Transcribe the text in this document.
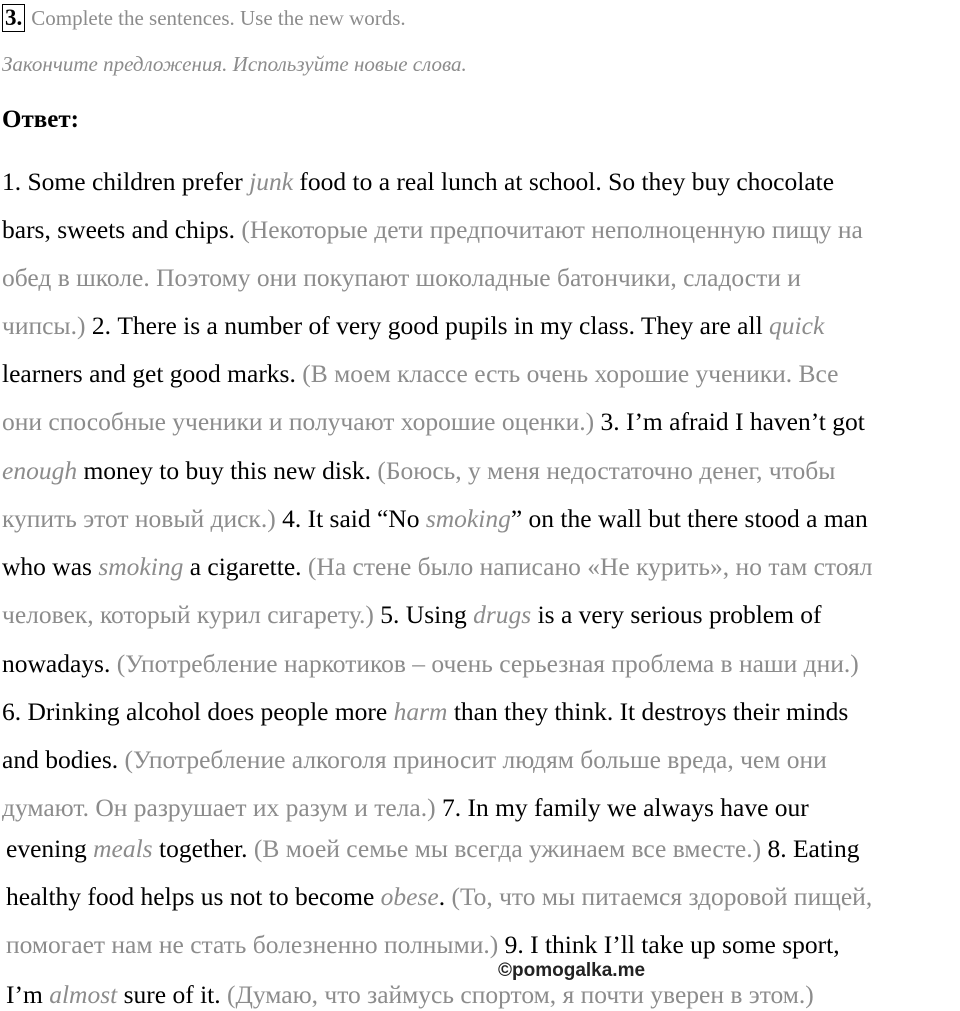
3. Complete the sentences. Use the new words.
Закончите предложения. Используйте новые слова.
Ответ:
1. Some children prefer junk food to a real lunch at school. So they buy chocolate
bars, sweets and chips. (Некоторые дети предпочитают неполноценную пищу на
обед в школе. Поэтому они покупают шоколадные батончики, сладости и
чипсы.) 2. There is a number of very good pupils in my class. They are all quick
learners and get good marks. (В моем классе есть очень хорошие ученики. Все
они способные ученики и получают хорошие оценки.) 3. I’m afraid I haven’t got
enough money to buy this new disk. (Боюсь, у меня недостаточно денег, чтобы
купить этот новый диск.) 4. It said “No smoking” on the wall but there stood a man
who was smoking a cigarette. (На стене было написано «Не курить», но там стоял
человек, который курил сигарету.) 5. Using drugs is a very serious problem of
nowadays. (Употребление наркотиков – очень серьезная проблема в наши дни.)
6. Drinking alcohol does people more harm than they think. It destroys their minds
and bodies. (Употребление алкоголя приносит людям больше вреда, чем они
думают. Он разрушает их разум и тела.) 7. In my family we always have our
evening meals together. (В моей семье мы всегда ужинаем все вместе.) 8. Eating
healthy food helps us not to become obese. (То, что мы питаемся здоровой пищей,
помогает нам не стать болезненно полными.) 9. I think I’ll take up some sport,
I’m almost sure of it. (Думаю, что займусь спортом, я почти уверен в этом.)
©pomogalka.me
